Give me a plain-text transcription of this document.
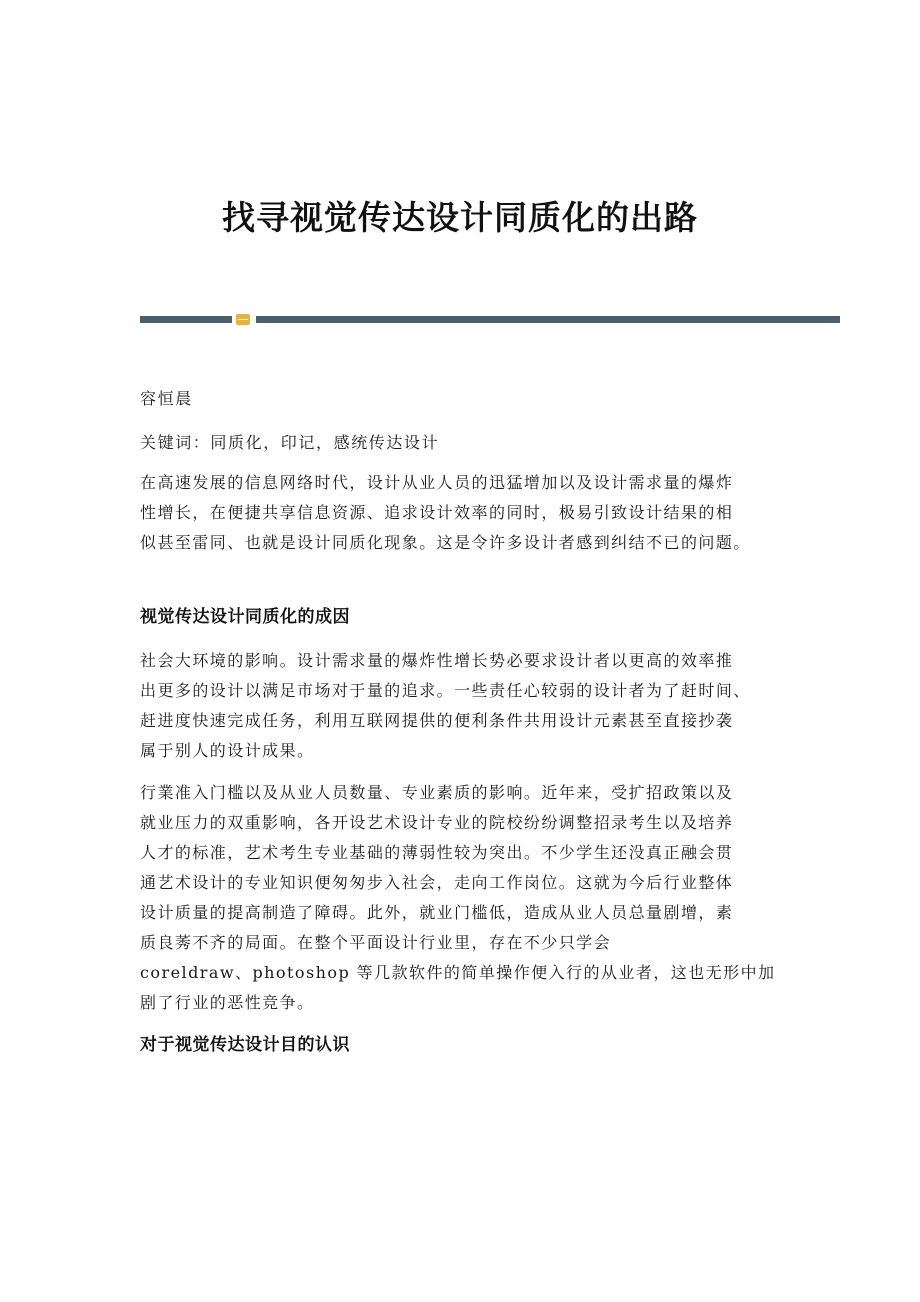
找寻视觉传达设计同质化的出路

容恒晨

关键词：同质化，印记，感统传达设计

在高速发展的信息网络时代，设计从业人员的迅猛增加以及设计需求量的爆炸

性增长，在便捷共享信息资源、追求设计效率的同时，极易引致设计结果的相

似甚至雷同、也就是设计同质化现象。这是令许多设计者感到纠结不已的问题。

视觉传达设计同质化的成因

社会大环境的影响。设计需求量的爆炸性增长势必要求设计者以更高的效率推

出更多的设计以满足市场对于量的追求。一些责任心较弱的设计者为了赶时间、

赶进度快速完成任务，利用互联网提供的便利条件共用设计元素甚至直接抄袭

属于别人的设计成果。

行業准入门槛以及从业人员数量、专业素质的影响。近年来，受扩招政策以及

就业压力的双重影响，各开设艺术设计专业的院校纷纷调整招录考生以及培养

人才的标准，艺术考生专业基础的薄弱性较为突出。不少学生还没真正融会贯

通艺术设计的专业知识便匆匆步入社会，走向工作岗位。这就为今后行业整体

设计质量的提高制造了障碍。此外，就业门槛低，造成从业人员总量剧增，素

质良莠不齐的局面。在整个平面设计行业里，存在不少只学会

coreldraw、photoshop 等几款软件的简单操作便入行的从业者，这也无形中加

剧了行业的恶性竞争。

对于视觉传达设计目的认识
